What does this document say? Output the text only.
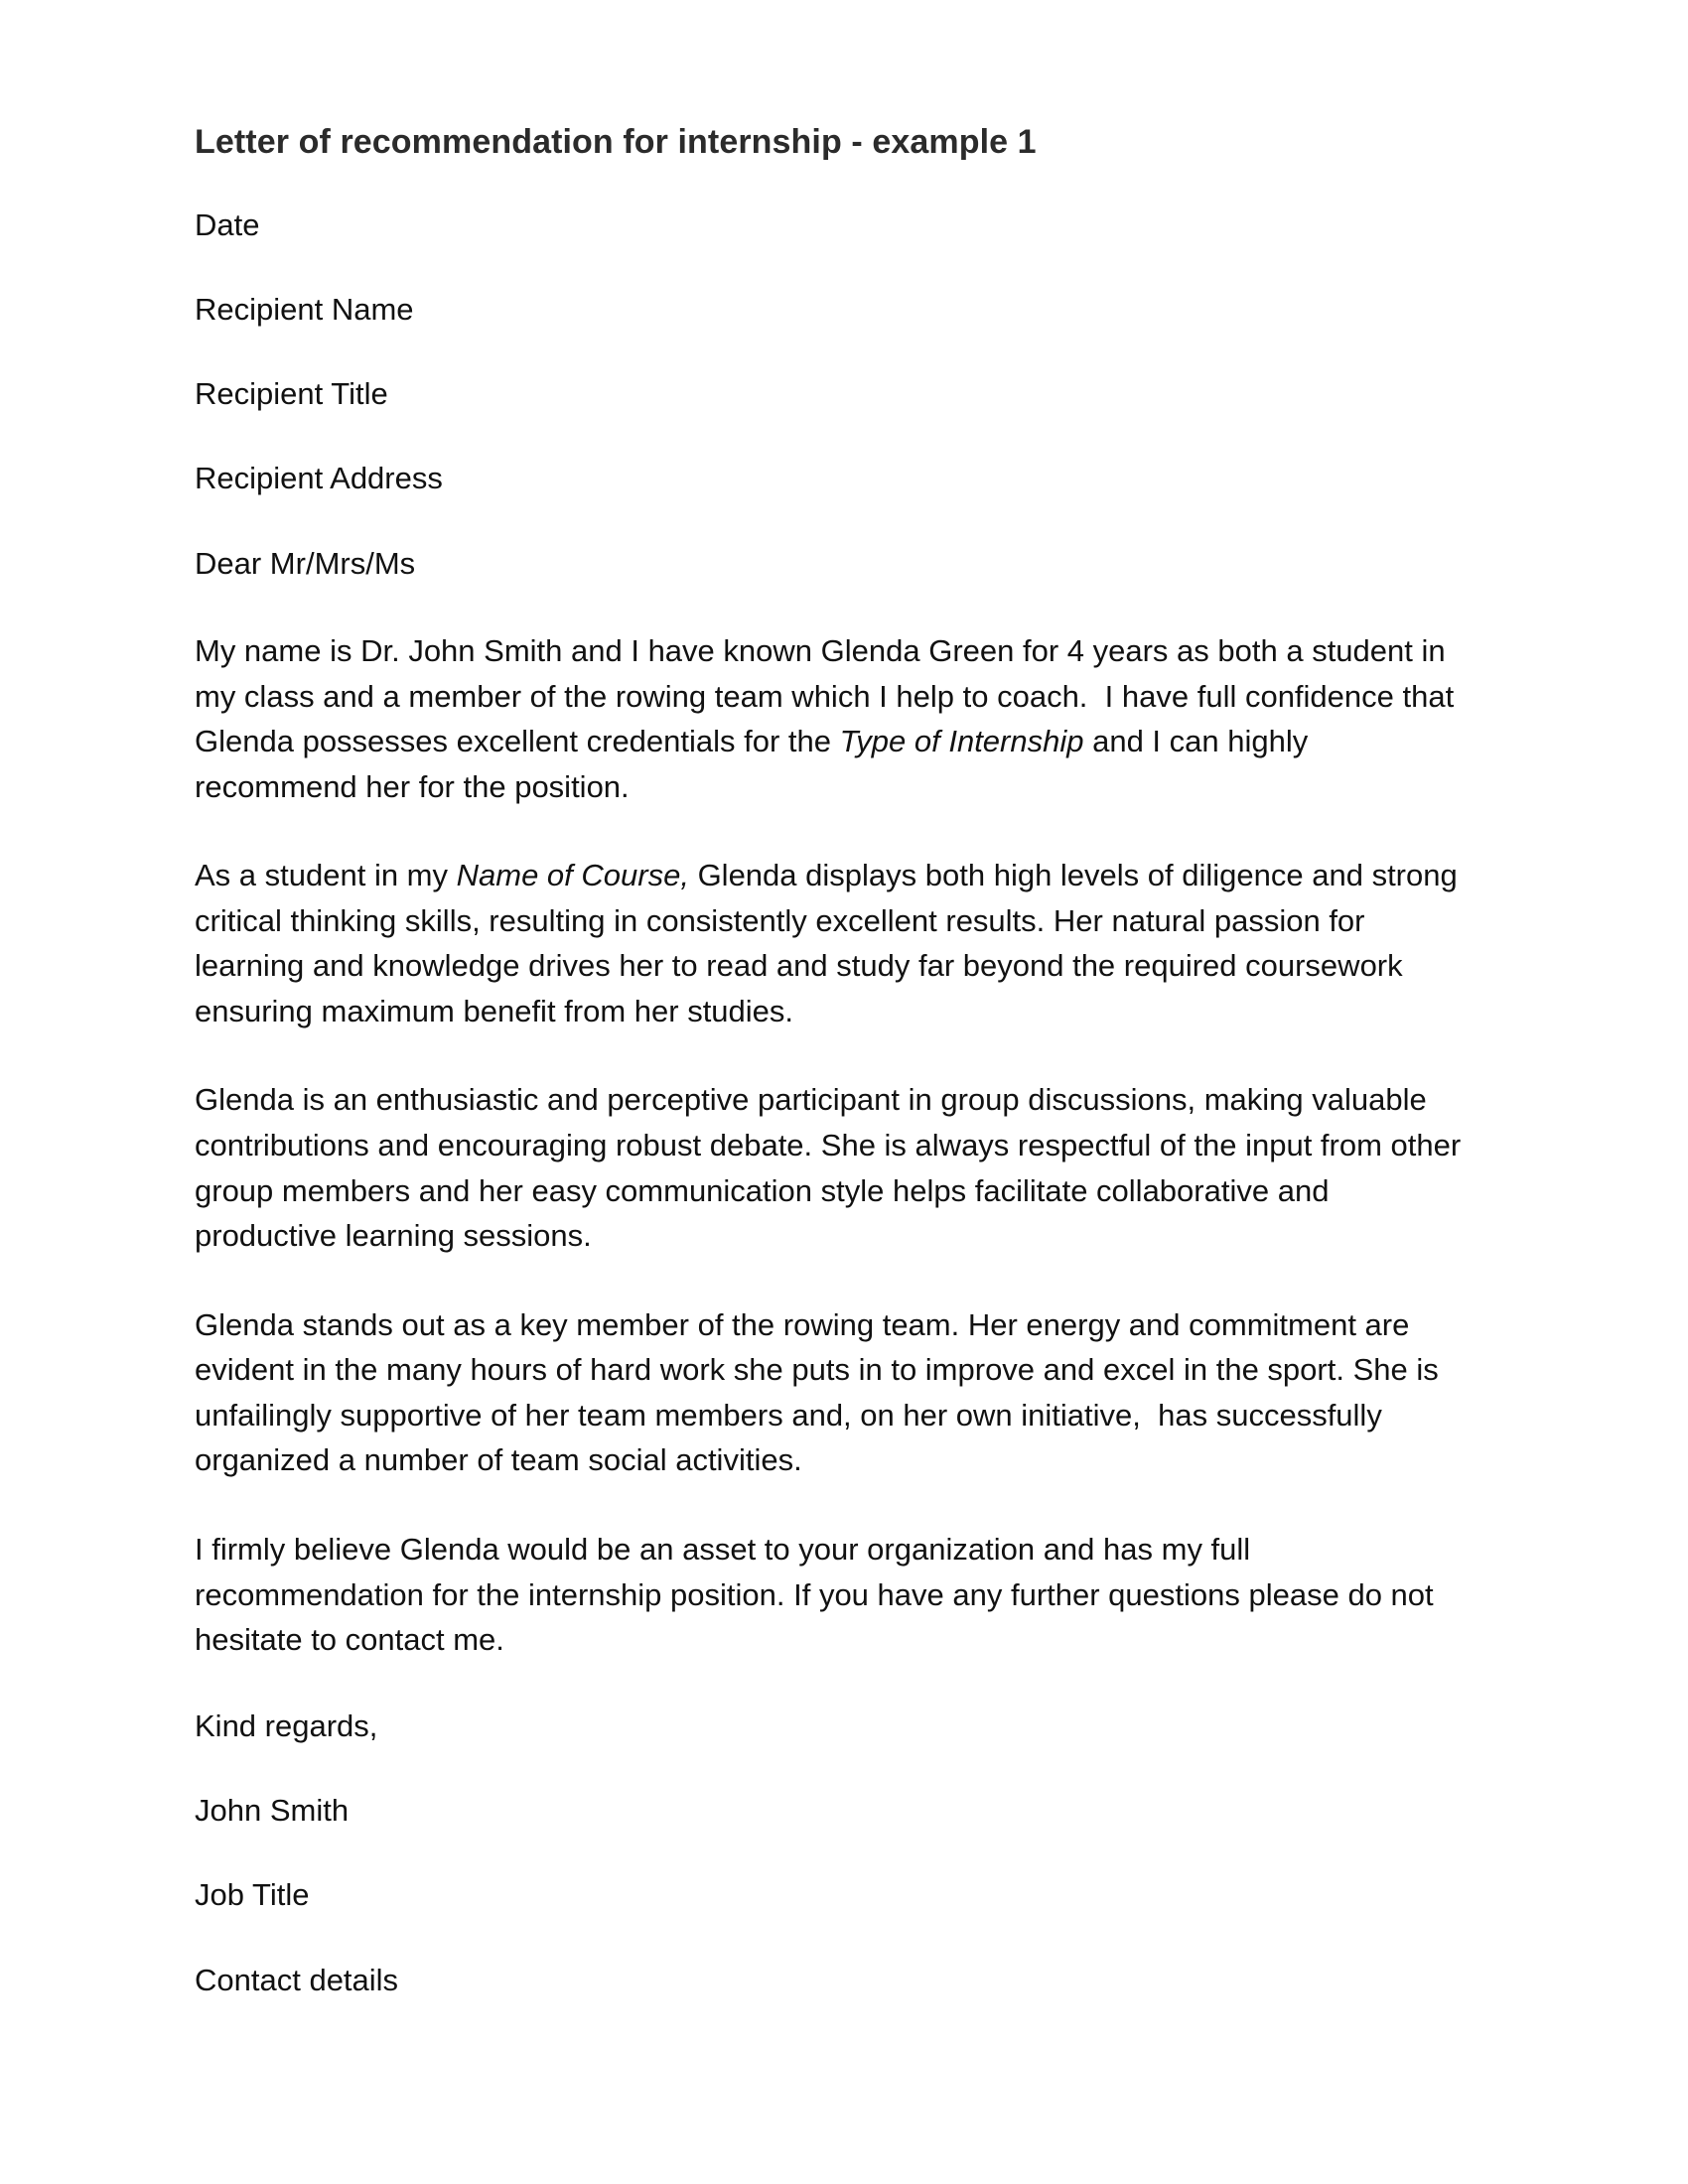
Letter of recommendation for internship - example 1

Date

Recipient Name

Recipient Title

Recipient Address

Dear Mr/Mrs/Ms

My name is Dr. John Smith and I have known Glenda Green for 4 years as both a student in my class and a member of the rowing team which I help to coach.  I have full confidence that Glenda possesses excellent credentials for the Type of Internship and I can highly recommend her for the position.

As a student in my Name of Course, Glenda displays both high levels of diligence and strong critical thinking skills, resulting in consistently excellent results. Her natural passion for learning and knowledge drives her to read and study far beyond the required coursework ensuring maximum benefit from her studies.

Glenda is an enthusiastic and perceptive participant in group discussions, making valuable contributions and encouraging robust debate. She is always respectful of the input from other group members and her easy communication style helps facilitate collaborative and productive learning sessions.

Glenda stands out as a key member of the rowing team. Her energy and commitment are evident in the many hours of hard work she puts in to improve and excel in the sport. She is unfailingly supportive of her team members and, on her own initiative,  has successfully organized a number of team social activities.

I firmly believe Glenda would be an asset to your organization and has my full recommendation for the internship position. If you have any further questions please do not hesitate to contact me.

Kind regards,

John Smith

Job Title

Contact details
